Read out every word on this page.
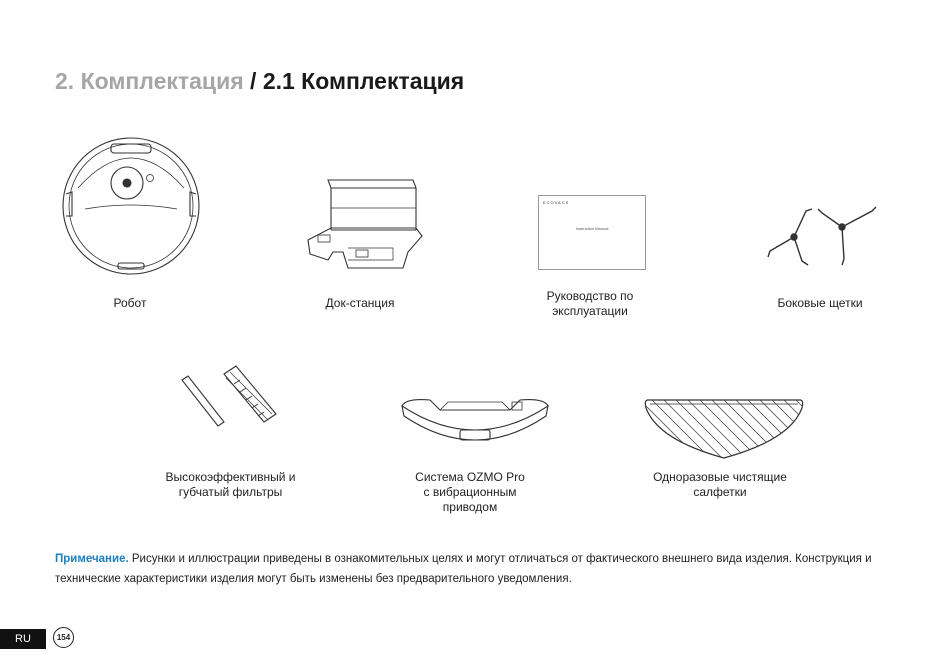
2. Комплектация / 2.1 Комплектация
Робот	Док-станция
ECOVACS
Instruction Manual
Руководство по
эксплуатации
Боковые щетки
Высокоэффективный и
губчатый фильтры
Система OZMO Pro
с вибрационным
приводом
Одноразовые чистящие
салфетки

Примечание. Рисунки и иллюстрации приведены в ознакомительных целях и могут отличаться от фактического внешнего вида изделия. Конструкция и технические характеристики изделия могут быть изменены без предварительного уведомления.

RU	154
